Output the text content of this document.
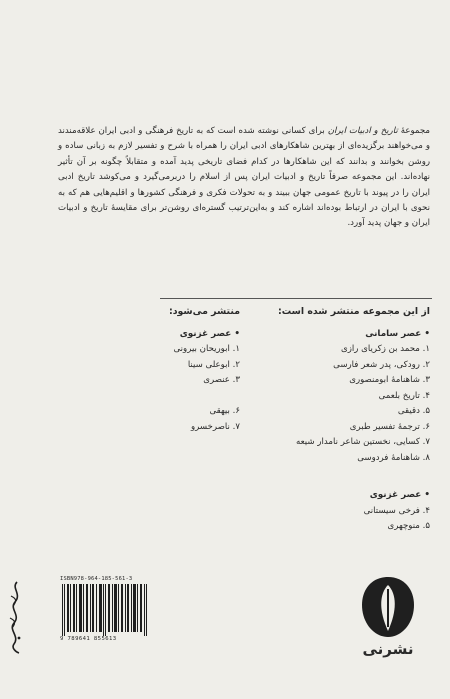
مجموعهٔ تاریخ و ادبیات ایران برای کسانی نوشته شده است که به تاریخ فرهنگی و ادبی ایران علاقه‌مندند و می‌خواهند برگزیده‌ای از بهترین شاهکارهای ادبی ایران را همراه با شرح و تفسیر لازم به زبانی ساده و روشن بخوانند و بدانند که این شاهکارها در کدام فضای تاریخی پدید آمده و متقابلاً چگونه بر آن تأثیر نهاده‌اند. این مجموعه صرفاً تاریخ و ادبیات ایران پس از اسلام را دربرمی‌گیرد و می‌کوشد تاریخ ادبی ایران را در پیوند با تاریخ عمومی جهان ببیند و به تحولات فکری و فرهنگی کشورها و اقلیم‌هایی هم که به نحوی با ایران در ارتباط بوده‌اند اشاره کند و به‌این‌ترتیب گستره‌ای روشن‌تر برای مقایسهٔ تاریخ و ادبیات ایران و جهان پدید آورد.
از این مجموعه منتشر شده است:
• عصر سامانی
۱. محمد بن زکریای رازی
۲. رودکی، پدر شعر فارسی
۳. شاهنامهٔ ابومنصوری
۴. تاریخ بلعمی
۵. دقیقی
۶. ترجمهٔ تفسیر طبری
۷. کسایی، نخستین شاعر نامدار شیعه
۸. شاهنامهٔ فردوسی
• عصر غزنوی
۴. فرخی سیستانی
۵. منوچهری
منتشر می‌شود:
• عصر غزنوی
۱. ابوریحان بیرونی
۲. ابوعلی سینا
۳. عنصری
۶. بیهقی
۷. ناصرخسرو
ISBN978-964-185-561-3
9 789641 855613
نشرنی
